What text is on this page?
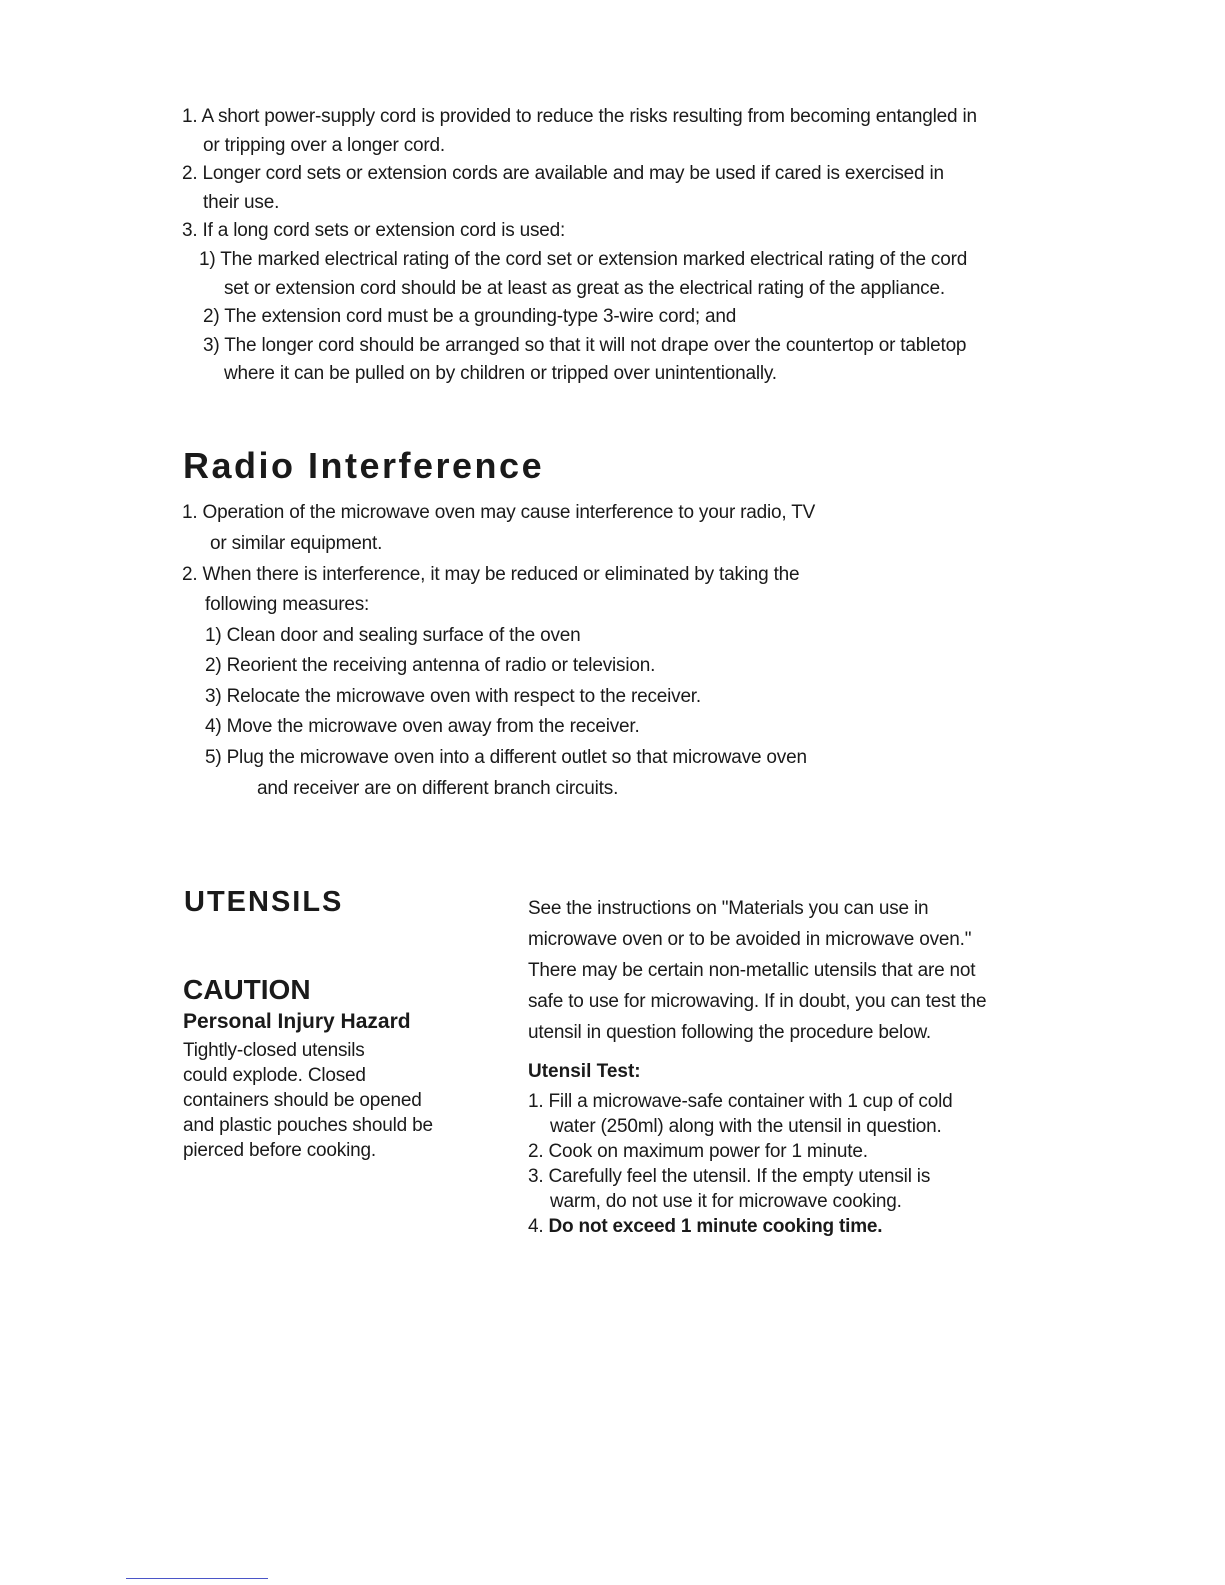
1. A short power-supply cord is provided to reduce the risks resulting from becoming entangled in
or tripping over a longer cord.
2. Longer cord sets or extension cords are available and may be used if cared is exercised in
their use.
3. If a long cord sets or extension cord is used:
1) The marked electrical rating of the cord set or extension marked electrical rating of the cord
set or extension cord should be at least as great as the electrical rating of the appliance.
2) The extension cord must be a grounding-type 3-wire cord; and
3) The longer cord should be arranged so that it will not drape over the countertop or tabletop
where it can be pulled on by children or tripped over unintentionally.
Radio Interference
1. Operation of the microwave oven may cause interference to your radio, TV
or similar equipment.
2. When there is interference, it may be reduced or eliminated by taking the
following measures:
1) Clean door and sealing surface of the oven
2) Reorient the receiving antenna of radio or television.
3) Relocate the microwave oven with respect to the receiver.
4) Move the microwave oven away from the receiver.
5) Plug the microwave oven into a different outlet so that microwave oven
and receiver are on different branch circuits.
UTENSILS
CAUTION
Personal Injury Hazard
Tightly-closed utensils
could explode. Closed
containers should be opened
and plastic pouches should be
pierced before cooking.
See the instructions on "Materials you can use in
microwave oven or to be avoided in microwave oven."
There may be certain non-metallic utensils that are not
safe to use for microwaving. If in doubt, you can test the
utensil in question following the procedure below.
Utensil Test:
1. Fill a microwave-safe container with 1 cup of cold
water (250ml) along with the utensil in question.
2. Cook on maximum power for 1 minute.
3. Carefully feel the utensil. If the empty utensil is
warm, do not use it for microwave cooking.
4. Do not exceed 1 minute cooking time.
